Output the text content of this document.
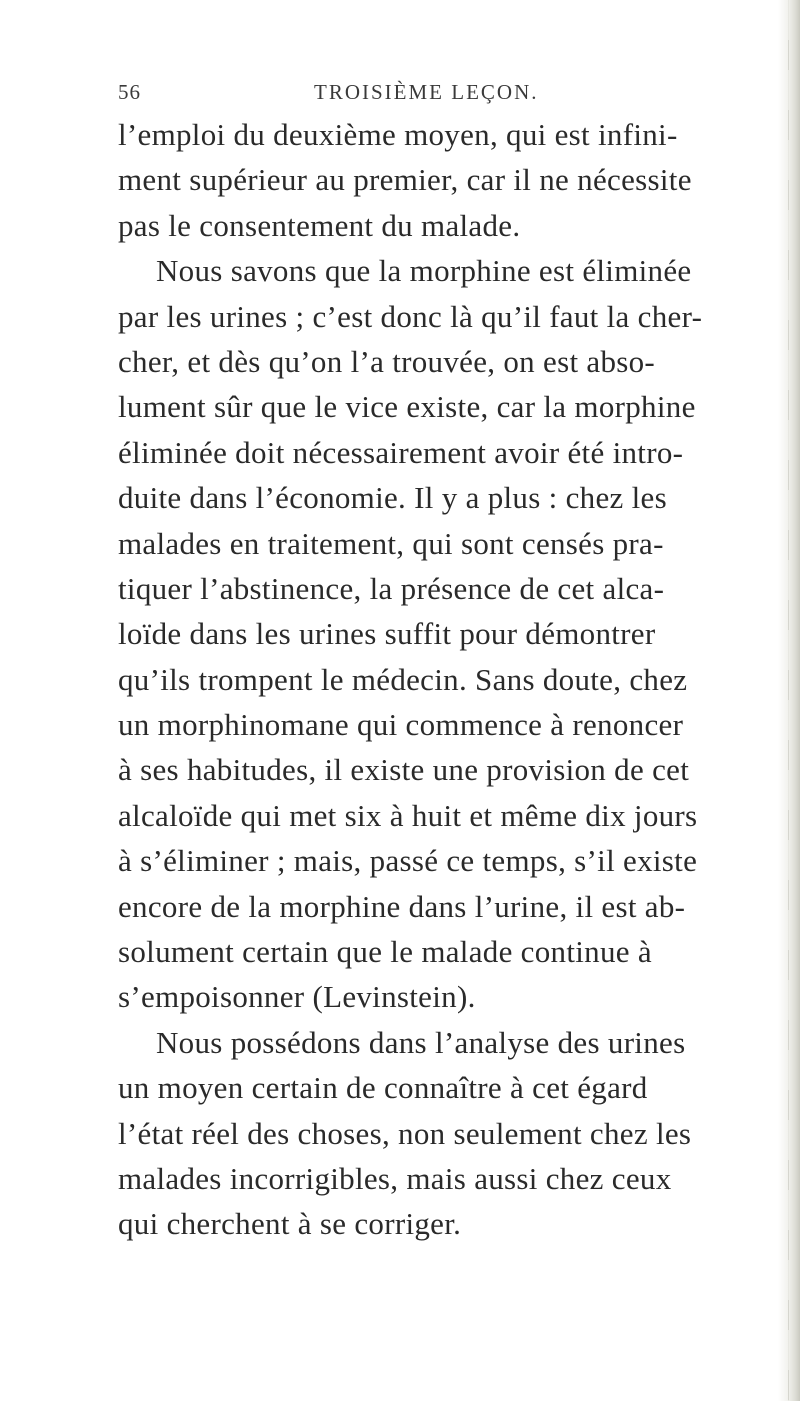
56	TROISIÈME LEÇON.
l’emploi du deuxième moyen, qui est infini-
ment supérieur au premier, car il ne nécessite
pas le consentement du malade.
Nous savons que la morphine est éliminée
par les urines ; c’est donc là qu’il faut la cher-
cher, et dès qu’on l’a trouvée, on est abso-
lument sûr que le vice existe, car la morphine
éliminée doit nécessairement avoir été intro-
duite dans l’économie. Il y a plus : chez les
malades en traitement, qui sont censés pra-
tiquer l’abstinence, la présence de cet alca-
loïde dans les urines suffit pour démontrer
qu’ils trompent le médecin. Sans doute, chez
un morphinomane qui commence à renoncer
à ses habitudes, il existe une provision de cet
alcaloïde qui met six à huit et même dix jours
à s’éliminer ; mais, passé ce temps, s’il existe
encore de la morphine dans l’urine, il est ab-
solument certain que le malade continue à
s’empoisonner (Levinstein).
Nous possédons dans l’analyse des urines
un moyen certain de connaître à cet égard
l’état réel des choses, non seulement chez les
malades incorrigibles, mais aussi chez ceux
qui cherchent à se corriger.
